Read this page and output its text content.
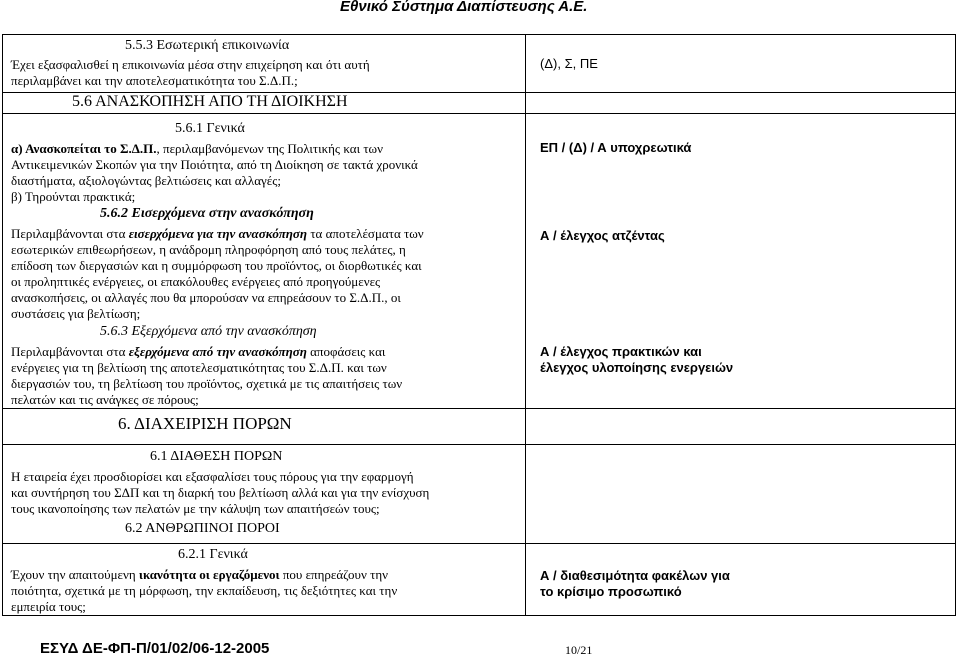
Εθνικό Σύστημα Διαπίστευσης Α.Ε.
5.5.3 Εσωτερική επικοινωνία
Έχει εξασφαλισθεί η επικοινωνία μέσα στην επιχείρηση και ότι αυτή
περιλαμβάνει και την αποτελεσματικότητα του Σ.Δ.Π.;
(Δ), Σ, ΠΕ
5.6 ΑΝΑΣΚΟΠΗΣΗ ΑΠΟ ΤΗ ΔΙΟΙΚΗΣΗ
5.6.1 Γενικά
α) Ανασκοπείται το Σ.Δ.Π., περιλαμβανόμενων της Πολιτικής και των
Αντικειμενικών Σκοπών για την Ποιότητα, από τη Διοίκηση σε τακτά χρονικά
διαστήματα, αξιολογώντας βελτιώσεις και αλλαγές;
β) Τηρούνται πρακτικά;
ΕΠ / (Δ) / Α υποχρεωτικά
5.6.2 Εισερχόμενα στην ανασκόπηση
Περιλαμβάνονται στα εισερχόμενα για την ανασκόπηση τα αποτελέσματα των
εσωτερικών επιθεωρήσεων, η ανάδρομη πληροφόρηση από τους πελάτες, η
επίδοση των διεργασιών και η συμμόρφωση του προϊόντος, οι διορθωτικές και
οι προληπτικές ενέργειες, οι επακόλουθες ενέργειες από προηγούμενες
ανασκοπήσεις, οι αλλαγές που θα μπορούσαν να επηρεάσουν το Σ.Δ.Π., οι
συστάσεις για βελτίωση;
Α / έλεγχος ατζέντας
5.6.3 Εξερχόμενα από την ανασκόπηση
Περιλαμβάνονται στα εξερχόμενα από την ανασκόπηση αποφάσεις και
ενέργειες για τη βελτίωση της αποτελεσματικότητας του Σ.Δ.Π. και των
διεργασιών του, τη βελτίωση του προϊόντος, σχετικά με τις απαιτήσεις των
πελατών και τις ανάγκες σε πόρους;
Α / έλεγχος πρακτικών και
έλεγχος υλοποίησης ενεργειών
6. ΔΙΑΧΕΙΡΙΣΗ ΠΟΡΩΝ
6.1 ΔΙΑΘΕΣΗ ΠΟΡΩΝ
Η εταιρεία έχει προσδιορίσει και εξασφαλίσει τους πόρους για την εφαρμογή
και συντήρηση του ΣΔΠ και τη διαρκή του βελτίωση αλλά και για την ενίσχυση
τους ικανοποίησης των πελατών με την κάλυψη των απαιτήσεών τους;
6.2 ΑΝΘΡΩΠΙΝΟΙ ΠΟΡΟΙ
6.2.1 Γενικά
Έχουν την απαιτούμενη ικανότητα οι εργαζόμενοι που επηρεάζουν την
ποιότητα, σχετικά με τη μόρφωση, την εκπαίδευση, τις δεξιότητες και την
εμπειρία τους;
Α / διαθεσιμότητα φακέλων για
το κρίσιμο προσωπικό
ΕΣΥΔ ΔΕ-ΦΠ-Π/01/02/06-12-2005	10/21
